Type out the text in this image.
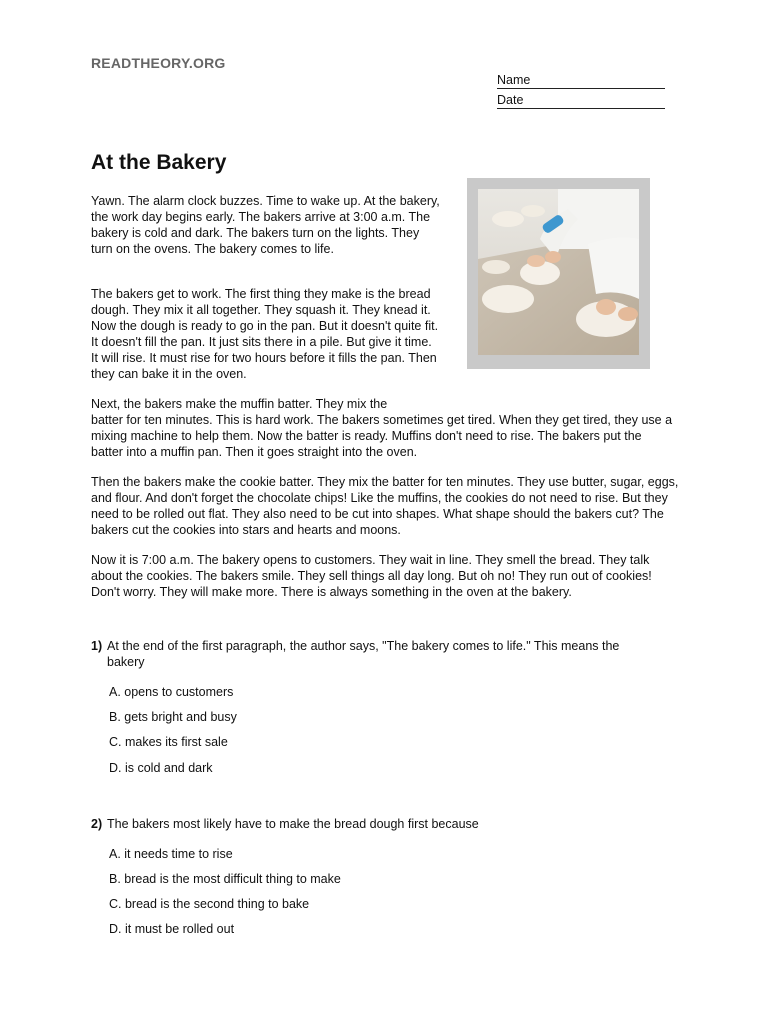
READTHEORY.ORG
Name
Date
At the Bakery

Yawn. The alarm clock buzzes. Time to wake up. At the bakery, the work day begins early. The bakers arrive at 3:00 a.m. The bakery is cold and dark. The bakers turn on the lights. They turn on the ovens. The bakery comes to life.

The bakers get to work. The first thing they make is the bread dough. They mix it all together. They squash it. They knead it. Now the dough is ready to go in the pan. But it doesn't quite fit. It doesn't fill the pan. It just sits there in a pile. But give it time. It will rise. It must rise for two hours before it fills the pan. Then they can bake it in the oven.

Next, the bakers make the muffin batter. They mix the

batter for ten minutes. This is hard work. The bakers sometimes get tired. When they get tired, they use a mixing machine to help them. Now the batter is ready. Muffins don't need to rise. The bakers put the batter into a muffin pan. Then it goes straight into the oven.

Then the bakers make the cookie batter. They mix the batter for ten minutes. They use butter, sugar, eggs, and flour. And don't forget the chocolate chips! Like the muffins, the cookies do not need to rise. But they need to be rolled out flat. They also need to be cut into shapes. What shape should the bakers cut? The bakers cut the cookies into stars and hearts and moons.

Now it is 7:00 a.m. The bakery opens to customers. They wait in line. They smell the bread. They talk about the cookies. The bakers smile. They sell things all day long. But oh no! They run out of cookies! Don't worry. They will make more. There is always something in the oven at the bakery.

1) At the end of the first paragraph, the author says, "The bakery comes to life." This means the bakery
A. opens to customers
B. gets bright and busy
C. makes its first sale
D. is cold and dark
2) The bakers most likely have to make the bread dough first because
A. it needs time to rise
B. bread is the most difficult thing to make
C. bread is the second thing to bake
D. it must be rolled out
